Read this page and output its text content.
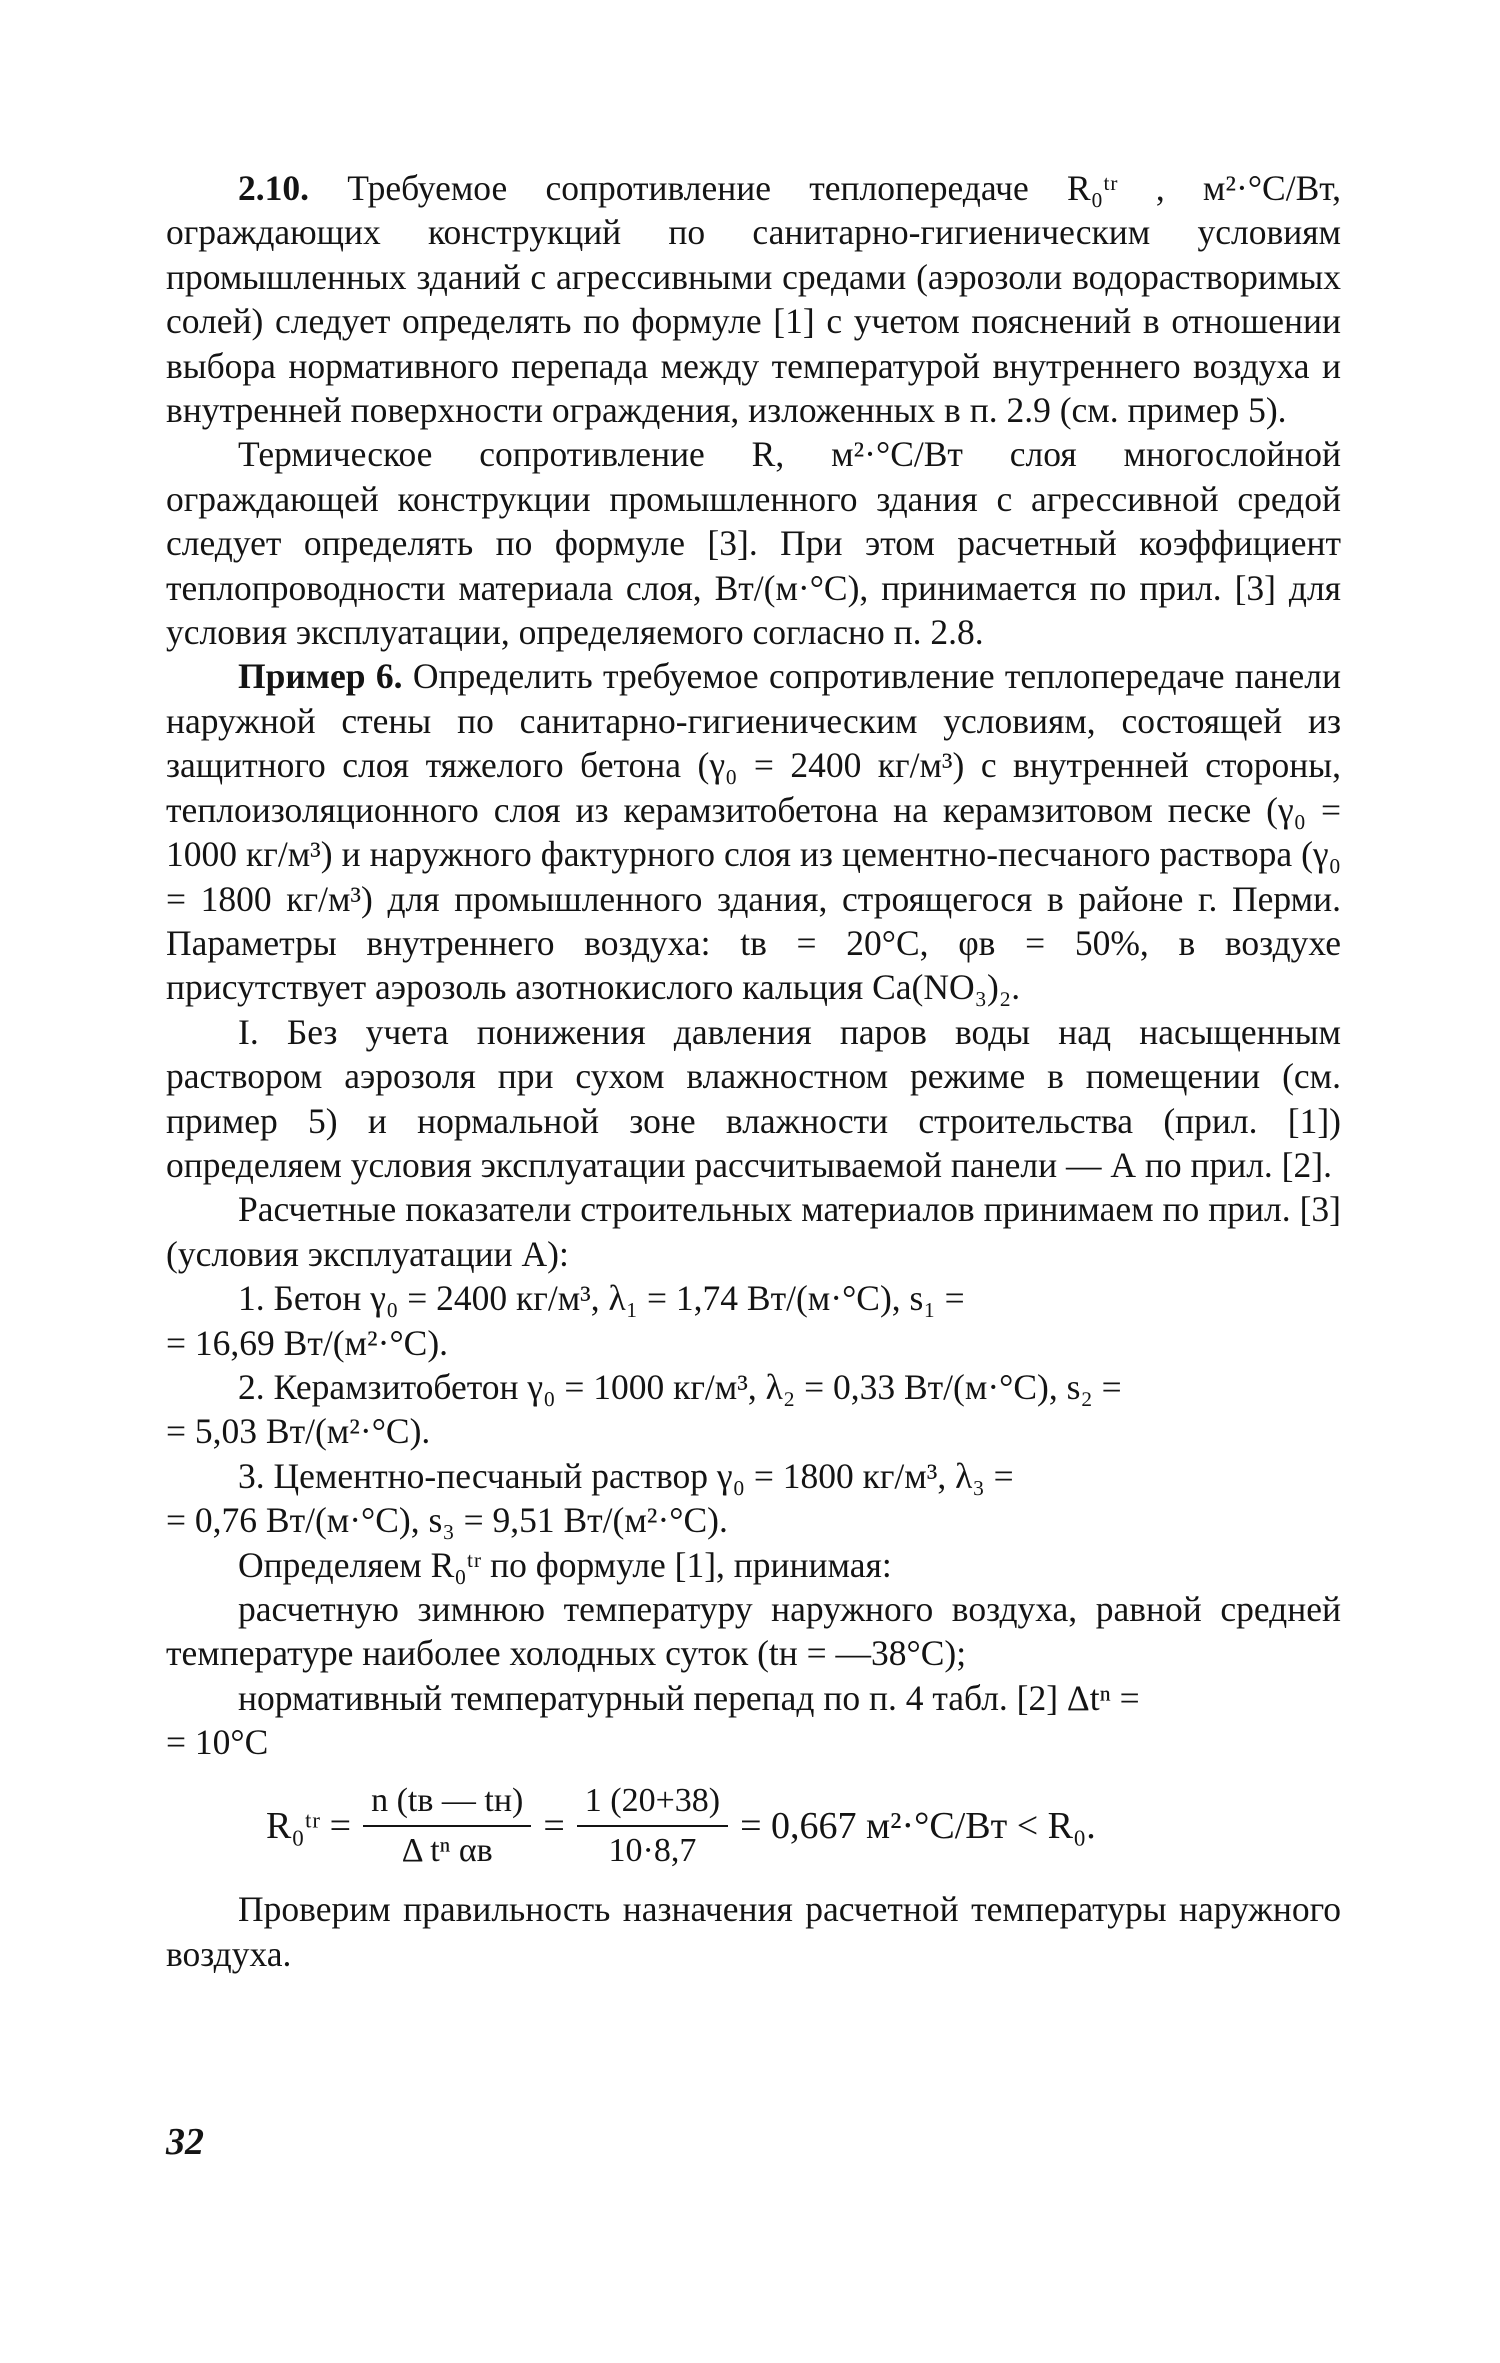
2.10. Требуемое сопротивление теплопередаче R₀ᵗʳ , м²·°С/Вт, ограждающих конструкций по санитарно-гигиеническим условиям промышленных зданий с агрессивными средами (аэрозоли водорастворимых солей) следует определять по формуле [1] с учетом пояснений в отношении выбора нормативного перепада между температурой внутреннего воздуха и внутренней поверхности ограждения, изложенных в п. 2.9 (см. пример 5).

Термическое сопротивление R, м²·°С/Вт слоя многослойной ограждающей конструкции промышленного здания с агрессивной средой следует определять по формуле [3]. При этом расчетный коэффициент теплопроводности материала слоя, Вт/(м·°С), принимается по прил. [3] для условия эксплуатации, определяемого согласно п. 2.8.

Пример 6. Определить требуемое сопротивление теплопередаче панели наружной стены по санитарно-гигиеническим условиям, состоящей из защитного слоя тяжелого бетона (γ₀ = 2400 кг/м³) с внутренней стороны, теплоизоляционного слоя из керамзитобетона на керамзитовом песке (γ₀ = 1000 кг/м³) и наружного фактурного слоя из цементно-песчаного раствора (γ₀ = 1800 кг/м³) для промышленного здания, строящегося в районе г. Перми. Параметры внутреннего воздуха: tв = 20°С, φв = 50%, в воздухе присутствует аэрозоль азотнокислого кальция Ca(NO₃)₂.

I. Без учета понижения давления паров воды над насыщенным раствором аэрозоля при сухом влажностном режиме в помещении (см. пример 5) и нормальной зоне влажности строительства (прил. [1]) определяем условия эксплуатации рассчитываемой панели — А по прил. [2].

Расчетные показатели строительных материалов принимаем по прил. [3] (условия эксплуатации А):

1. Бетон γ₀ = 2400 кг/м³, λ₁ = 1,74 Вт/(м·°С), s₁ =

= 16,69 Вт/(м²·°С).

2. Керамзитобетон γ₀ = 1000 кг/м³, λ₂ = 0,33 Вт/(м·°С), s₂ =

= 5,03 Вт/(м²·°С).

3. Цементно-песчаный раствор γ₀ = 1800 кг/м³, λ₃ =

= 0,76 Вт/(м·°С), s₃ = 9,51 Вт/(м²·°С).

Определяем R₀ᵗʳ по формуле [1], принимая:

расчетную зимнюю температуру наружного воздуха, равной средней температуре наиболее холодных суток (tн = —38°С);

нормативный температурный перепад по п. 4 табл. [2] Δtⁿ =

= 10°С

R₀ᵗʳ = $\frac{n (tв — tн)}{\text{Δ tⁿ αв}} = \frac{1 (20+38)}{10\cdot 8,7} = 0,667$ м²·°С/Вт < R₀.

Проверим правильность назначения расчетной температуры наружного воздуха.

32
